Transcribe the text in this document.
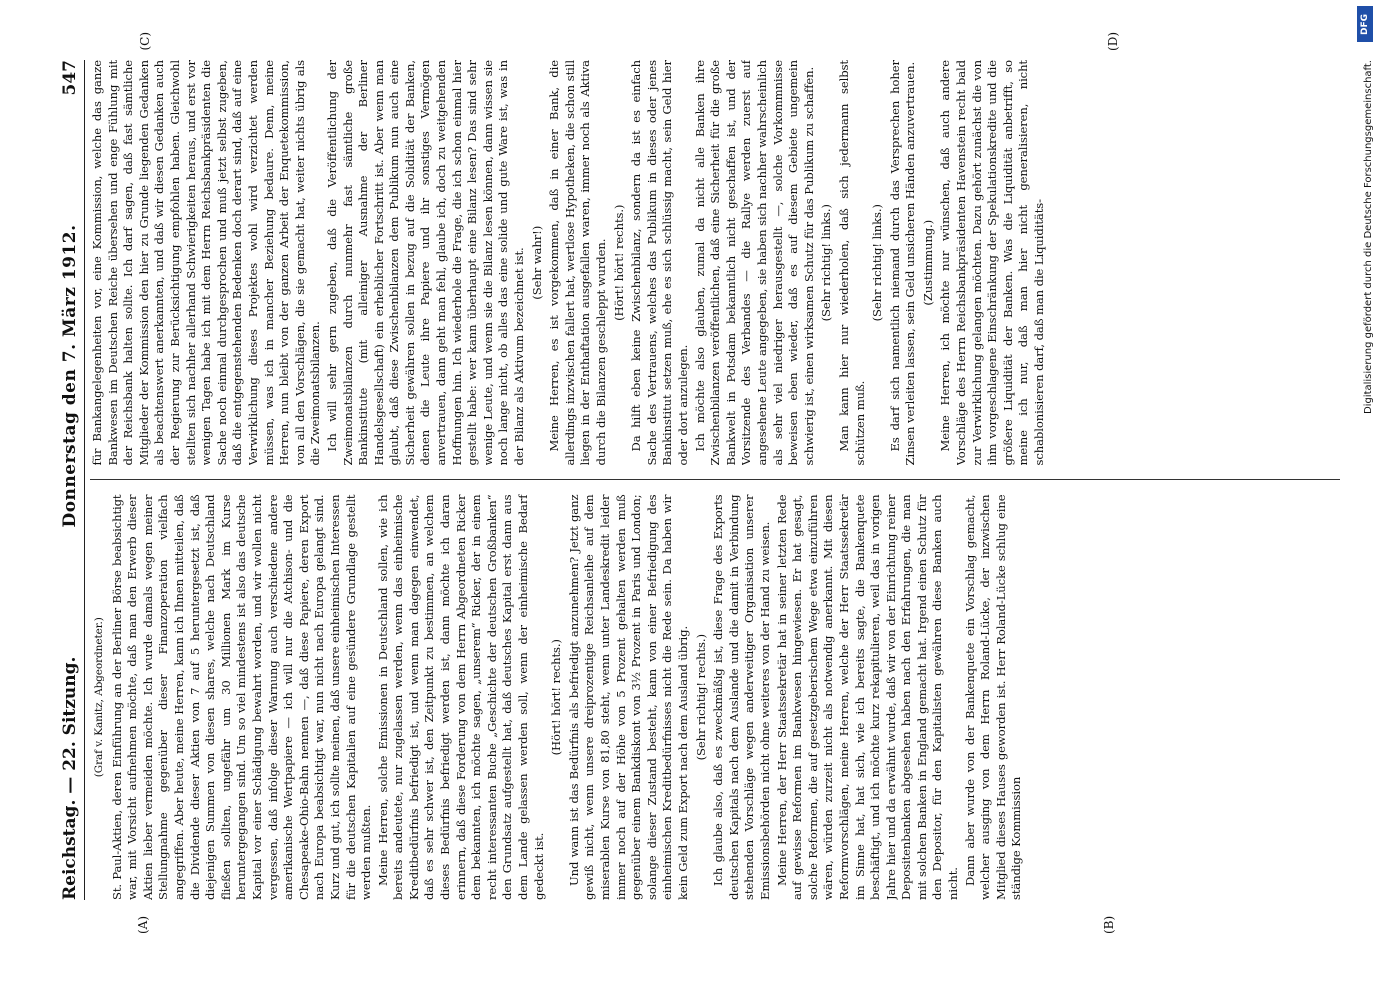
Reichstag. — 22. Sitzung.
Donnerstag den 7. März 1912.
547
(A)	(B)
(C)	(D)

(Graf v. Kanitz, Abgeordneter.) St. Paul-Aktien, deren Einführung an der Berliner Börse beabsichtigt war, mit Vorsicht aufnehmen möchte, daß man den Erwerb dieser Aktien lieber vermeiden möchte. Ich wurde damals wegen meiner Stellungnahme gegenüber dieser Finanzoperation vielfach angegriffen. Aber heute, meine Herren, kann ich Ihnen mitteilen, daß die Dividende dieser Aktien von 7 auf 5 heruntergesetzt ist, daß diejenigen Summen von diesen shares, welche nach Deutschland fließen sollten, ungefähr um 30 Millionen Mark im Kurse heruntergegangen sind. Um so viel mindestens ist also das deutsche Kapital vor einer Schädigung bewahrt worden, und wir wollen nicht vergessen, daß infolge dieser Warnung auch verschiedene andere amerikanische Wertpapiere — ich will nur die Atchison- und die Chesapeake-Ohio-Bahn nennen —, daß diese Papiere, deren Export nach Europa beabsichtigt war, nun nicht nach Europa gelangt sind. Kurz und gut, ich sollte meinen, daß unsere einheimischen Interessen für die deutschen Kapitalien auf eine gesündere Grundlage gestellt werden mußten. Meine Herren, solche Emissionen in Deutschland sollen, wie ich bereits andeutete, nur zugelassen werden, wenn das einheimische Kreditbedürfnis befriedigt ist, und wenn man dagegen einwendet, daß es sehr schwer ist, den Zeitpunkt zu bestimmen, an welchem dieses Bedürfnis befriedigt werden ist, dann möchte ich daran erinnern, daß diese Forderung von dem Herrn Abgeordneten Ricker dem bekannten, ich möchte sagen, „unserem“ Ricker, der in einem recht interessanten Buche „Geschichte der deutschen Großbanken“ den Grundsatz aufgestellt hat, daß deutsches Kapital erst dann aus dem Lande gelassen werden soll, wenn der einheimische Bedarf gedeckt ist.

(Hört! hört! rechts.) Und wann ist das Bedürfnis als befriedigt anzunehmen? Jetzt ganz gewiß nicht, wenn unsere dreiprozentige Reichsanleihe auf dem miserablen Kurse von 81,80 steht, wenn unter Landeskredit leider immer noch auf der Höhe von 5 Prozent gehalten werden muß gegenüber einem Bankdiskont von 3½ Prozent in Paris und London; solange dieser Zustand besteht, kann von einer Befriedigung des einheimischen Kreditbedürfnisses nicht die Rede sein. Da haben wir kein Geld zum Export nach dem Ausland übrig. (Sehr richtig! rechts.) Ich glaube also, daß es zweckmäßig ist, diese Frage des Exports deutschen Kapitals nach dem Auslande und die damit in Verbindung stehenden Vorschläge wegen anderweitiger Organisation unserer Emissionsbehörden nicht ohne weiteres von der Hand zu weisen. Meine Herren, der Herr Staatssekretär hat in seiner letzten Rede auf gewisse Reformen im Bankwesen hingewiesen. Er hat gesagt, solche Reformen, die auf gesetzgeberischem Wege etwa einzuführen wären, würden zurzeit nicht als notwendig anerkannt. Mit diesen Reformvorschlägen, meine Herren, welche der Herr Staatssekretär im Sinne hat, hat sich, wie ich bereits sagte, die Bankenquete beschäftigt, und ich möchte kurz rekapitulieren, weil das in vorigen Jahre hier und da erwähnt wurde, daß wir von der Einrichtung reiner Depositenbanken abgesehen haben nach den Erfahrungen, die man mit solchen Banken in England gemacht hat. Irgend einen Schutz für den Depositor, für den Kapitalisten gewähren diese Banken auch nicht. Dann aber wurde von der Bankenquete ein Vorschlag gemacht, welcher ausging von dem Herrn Roland-Lücke, der inzwischen Mitglied dieses Hauses geworden ist. Herr Roland-Lücke schlug eine ständige Kommission

für Bankangelegenheiten vor, eine Kommission, welche das ganze Bankwesen im Deutschen Reiche übersehen und enge Fühlung mit der Reichsbank halten sollte. Ich darf sagen, daß fast sämtliche Mitglieder der Kommission den hier zu Grunde liegenden Gedanken als beachtenswert anerkannten, und daß wir diesen Gedanken auch der Regierung zur Berücksichtigung empfohlen haben. Gleichwohl stellten sich nachher allerhand Schwierigkeiten heraus, und erst vor wenigen Tagen habe ich mit dem Herrn Reichsbankpräsidenten die Sache noch einmal durchgesprochen und muß jetzt selbst zugeben, daß die entgegenstehenden Bedenken doch derart sind, daß auf eine Verwirklichung dieses Projektes wohl wird verzichtet werden müssen, was ich in mancher Beziehung bedaure. Denn, meine Herren, nun bleibt von der ganzen Arbeit der Enquetekommission, von all den Vorschlägen, die sie gemacht hat, weiter nichts übrig als die Zweimonatsbilanzen. Ich will sehr gern zugeben, daß die Veröffentlichung der Zweimonatsbilanzen durch nunmehr fast sämtliche große Bankinstitute (mit alleiniger Ausnahme der Berliner Handelsgesellschaft) ein erheblicher Fortschritt ist. Aber wenn man glaubt, daß diese Zwischenbilanzen dem Publikum nun auch eine Sicherheit gewähren sollen in bezug auf die Solidität der Banken, denen die Leute ihre Papiere und ihr sonstiges Vermögen anvertrauen, dann geht man fehl, glaube ich, doch zu weitgehenden Hoffnungen hin. Ich wiederhole die Frage, die ich schon einmal hier gestellt habe: wer kann überhaupt eine Bilanz lesen? Das sind sehr wenige Leute, und wenn sie die Bilanz lesen können, dann wissen sie noch lange nicht, ob alles das eine solide und gute Ware ist, was in der Bilanz als Aktivum bezeichnet ist. (Sehr wahr!) Meine Herren, es ist vorgekommen, daß in einer Bank, die allerdings inzwischen fallert hat, wertlose Hypotheken, die schon still liegen in der Enthaftation ausgefallen waren, immer noch als Aktiva durch die Bilanzen geschleppt wurden. (Hört! hört! rechts.) Da hilft eben keine Zwischenbilanz, sondern da ist es einfach Sache des Vertrauens, welches das Publikum in dieses oder jenes Bankinstitut setzen muß, ehe es sich schlüssig macht, sein Geld hier oder dort anzulegen. Ich möchte also glauben, zumal da nicht alle Banken ihre Zwischenbilanzen veröffentlichen, daß eine Sicherheit für die große Bankwelt in Potsdam bekanntlich nicht geschaffen ist, und der Vorsitzende des Verbandes — die Rallye werden zuerst auf angesehene Leute angegeben, sie haben sich nachher wahrscheinlich als sehr viel niedriger herausgestellt —, solche Vorkommnisse beweisen eben wieder, daß es auf diesem Gebiete ungemein schwierig ist, einen wirksamen Schutz für das Publikum zu schaffen. (Sehr richtig! links.) Man kann hier nur wiederholen, daß sich jedermann selbst schützen muß.

(Sehr richtig! links.) Es darf sich namentlich niemand durch das Versprechen hoher Zinsen verleiten lassen, sein Geld unsicheren Händen anzuvertrauen. (Zustimmung.) Meine Herren, ich möchte nur wünschen, daß auch andere Vorschläge des Herrn Reichsbankpräsidenten Havenstein recht bald zur Verwirklichung gelangen möchten. Dazu gehört zunächst die von ihm vorgeschlagene Einschränkung der Spekulationskredite und die größere Liquidität der Banken. Was die Liquidität anbetrifft, so meine ich nur, daß man hier nicht generalisieren, nicht schablonisieren darf, daß man die Liquiditäts-

DFG
Digitalisierung gefördert durch die Deutsche Forschungsgemeinschaft.
